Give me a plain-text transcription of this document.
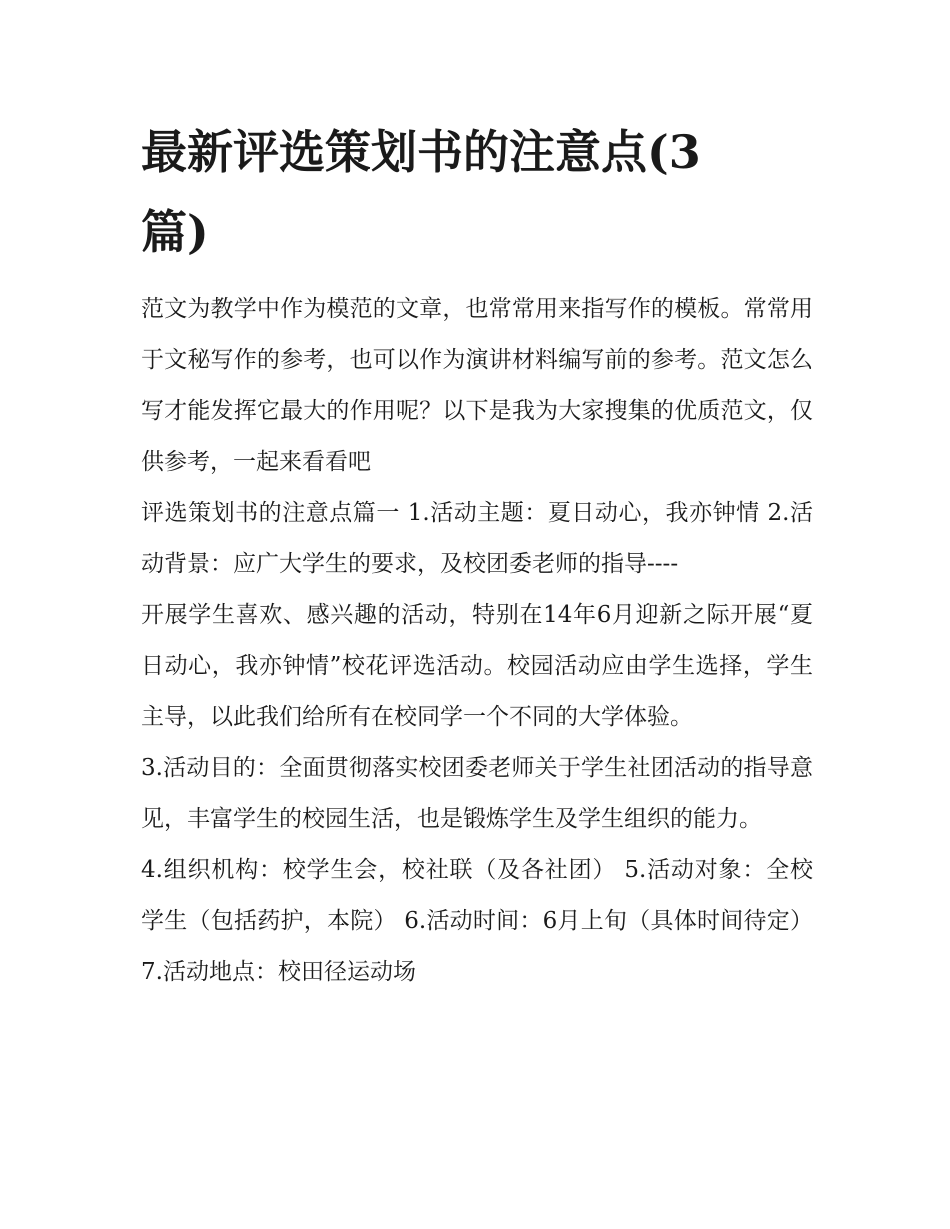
最新评选策划书的注意点(3篇)

范文为教学中作为模范的文章，也常常用来指写作的模板。常常用于文秘写作的参考，也可以作为演讲材料编写前的参考。范文怎么写才能发挥它最大的作用呢？以下是我为大家搜集的优质范文，仅供参考，一起来看看吧

评选策划书的注意点篇一 1.活动主题：夏日动心，我亦钟情 2.活动背景：应广大学生的要求，及校团委老师的指导----

开展学生喜欢、感兴趣的活动，特别在14年6月迎新之际开展“夏日动心，我亦钟情”校花评选活动。校园活动应由学生选择，学生主导，以此我们给所有在校同学一个不同的大学体验。

3.活动目的：全面贯彻落实校团委老师关于学生社团活动的指导意见，丰富学生的校园生活，也是锻炼学生及学生组织的能力。

4.组织机构：校学生会，校社联（及各社团） 5.活动对象：全校学生（包括药护，本院） 6.活动时间：6月上旬（具体时间待定） 7.活动地点：校田径运动场
